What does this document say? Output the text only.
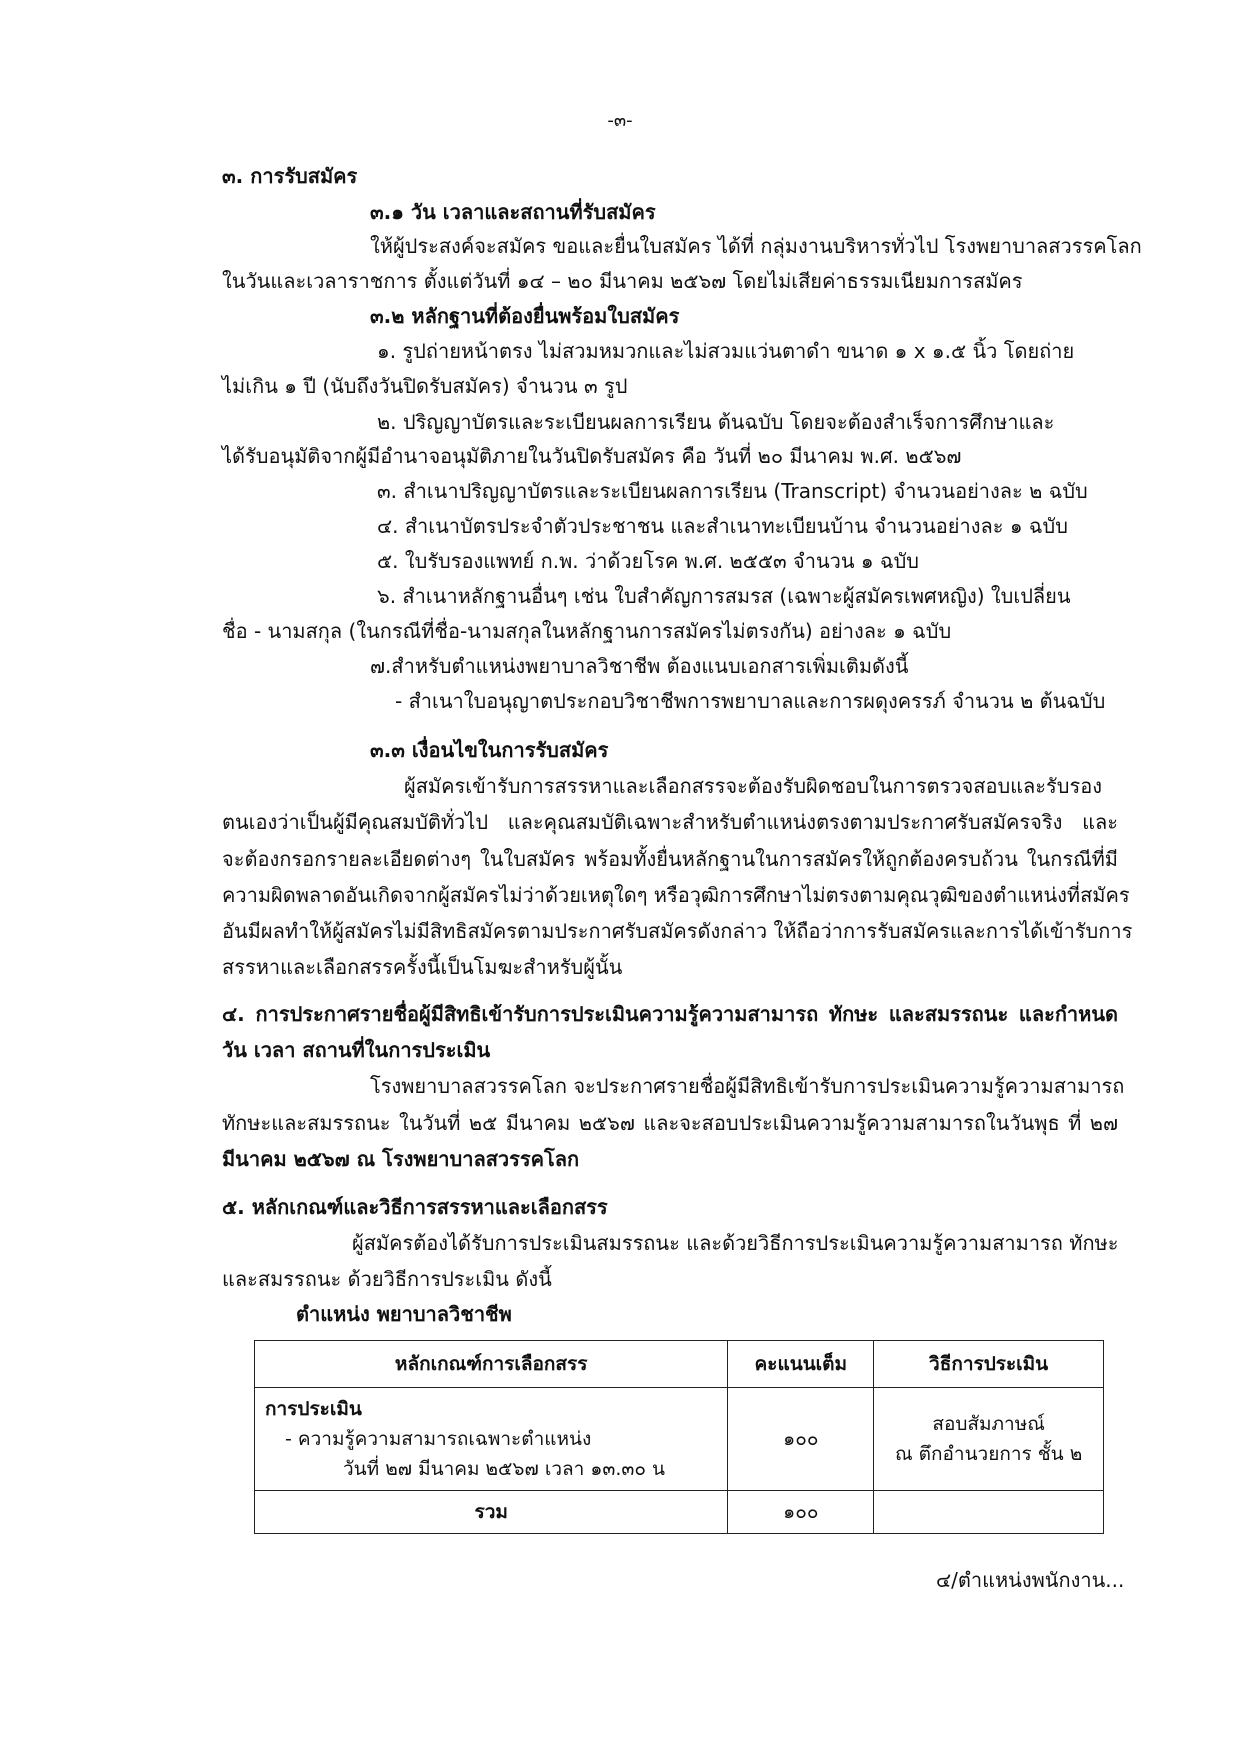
-๓-
๓. การรับสมัคร
๓.๑ วัน เวลาและสถานที่รับสมัคร
ให้ผู้ประสงค์จะสมัคร ขอและยื่นใบสมัคร ได้ที่ กลุ่มงานบริหารทั่วไป โรงพยาบาลสวรรคโลก
ในวันและเวลาราชการ ตั้งแต่วันที่ ๑๔ – ๒๐ มีนาคม ๒๕๖๗ โดยไม่เสียค่าธรรมเนียมการสมัคร
๓.๒ หลักฐานที่ต้องยื่นพร้อมใบสมัคร
๑. รูปถ่ายหน้าตรง ไม่สวมหมวกและไม่สวมแว่นตาดำ ขนาด ๑ x ๑.๕ นิ้ว โดยถ่าย
ไม่เกิน ๑ ปี (นับถึงวันปิดรับสมัคร) จำนวน ๓ รูป
๒. ปริญญาบัตรและระเบียนผลการเรียน ต้นฉบับ โดยจะต้องสำเร็จการศึกษาและ
ได้รับอนุมัติจากผู้มีอำนาจอนุมัติภายในวันปิดรับสมัคร คือ วันที่ ๒๐ มีนาคม พ.ศ. ๒๕๖๗
๓. สำเนาปริญญาบัตรและระเบียนผลการเรียน (Transcript) จำนวนอย่างละ ๒ ฉบับ
๔. สำเนาบัตรประจำตัวประชาชน และสำเนาทะเบียนบ้าน จำนวนอย่างละ ๑ ฉบับ
๕. ใบรับรองแพทย์ ก.พ. ว่าด้วยโรค พ.ศ. ๒๕๕๓ จำนวน ๑ ฉบับ
๖. สำเนาหลักฐานอื่นๆ เช่น ใบสำคัญการสมรส (เฉพาะผู้สมัครเพศหญิง) ใบเปลี่ยน
ชื่อ - นามสกุล (ในกรณีที่ชื่อ-นามสกุลในหลักฐานการสมัครไม่ตรงกัน) อย่างละ ๑ ฉบับ
๗.สำหรับตำแหน่งพยาบาลวิชาชีพ ต้องแนบเอกสารเพิ่มเติมดังนี้
- สำเนาใบอนุญาตประกอบวิชาชีพการพยาบาลและการผดุงครรภ์ จำนวน ๒ ต้นฉบับ
๓.๓ เงื่อนไขในการรับสมัคร
ผู้สมัครเข้ารับการสรรหาและเลือกสรรจะต้องรับผิดชอบในการตรวจสอบและรับรอง
ตนเองว่าเป็นผู้มีคุณสมบัติทั่วไป และคุณสมบัติเฉพาะสำหรับตำแหน่งตรงตามประกาศรับสมัครจริง และ
จะต้องกรอกรายละเอียดต่างๆ ในใบสมัคร พร้อมทั้งยื่นหลักฐานในการสมัครให้ถูกต้องครบถ้วน ในกรณีที่มี
ความผิดพลาดอันเกิดจากผู้สมัครไม่ว่าด้วยเหตุใดๆ หรือวุฒิการศึกษาไม่ตรงตามคุณวุฒิของตำแหน่งที่สมัคร
อันมีผลทำให้ผู้สมัครไม่มีสิทธิสมัครตามประกาศรับสมัครดังกล่าว ให้ถือว่าการรับสมัครและการได้เข้ารับการ
สรรหาและเลือกสรรครั้งนี้เป็นโมฆะสำหรับผู้นั้น
๔. การประกาศรายชื่อผู้มีสิทธิเข้ารับการประเมินความรู้ความสามารถ ทักษะ และสมรรถนะ และกำหนด
วัน เวลา สถานที่ในการประเมิน
โรงพยาบาลสวรรคโลก จะประกาศรายชื่อผู้มีสิทธิเข้ารับการประเมินความรู้ความสามารถ
ทักษะและสมรรถนะ ในวันที่ ๒๕ มีนาคม ๒๕๖๗ และจะสอบประเมินความรู้ความสามารถในวันพุธ ที่ ๒๗
มีนาคม ๒๕๖๗ ณ โรงพยาบาลสวรรคโลก
๕. หลักเกณฑ์และวิธีการสรรหาและเลือกสรร
ผู้สมัครต้องได้รับการประเมินสมรรถนะ และด้วยวิธีการประเมินความรู้ความสามารถ ทักษะ
และสมรรถนะ ด้วยวิธีการประเมิน ดังนี้
ตำแหน่ง พยาบาลวิชาชีพ
หลักเกณฑ์การเลือกสรร	คะแนนเต็ม	วิธีการประเมิน

การประเมิน
- ความรู้ความสามารถเฉพาะตำแหน่ง
วันที่ ๒๗ มีนาคม ๒๕๖๗ เวลา ๑๓.๓๐ น	๑๐๐	สอบสัมภาษณ์
ณ ตึกอำนวยการ ชั้น ๒

รวม	๑๐๐	
๔/ตำแหน่งพนักงาน...
